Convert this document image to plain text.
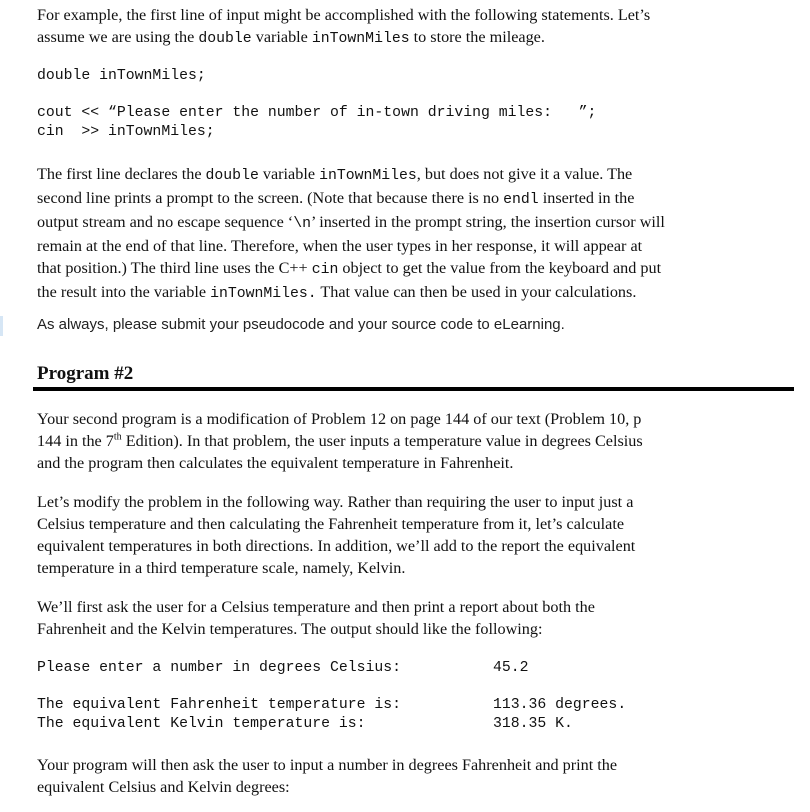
For example, the first line of input might be accomplished with the following statements. Let’s
assume we are using the double variable inTownMiles to store the mileage.

double inTownMiles;
cout << “Please enter the number of in-town driving miles:   ”;
cin  >> inTownMiles;

The first line declares the double variable inTownMiles, but does not give it a value. The
second line prints a prompt to the screen. (Note that because there is no endl inserted in the
output stream and no escape sequence ‘\n’ inserted in the prompt string, the insertion cursor will
remain at the end of that line. Therefore, when the user types in her response, it will appear at
that position.) The third line uses the C++ cin object to get the value from the keyboard and put
the result into the variable inTownMiles. That value can then be used in your calculations.

As always, please submit your pseudocode and your source code to eLearning.
Program #2

Your second program is a modification of Problem 12 on page 144 of our text (Problem 10, p
144 in the 7th Edition). In that problem, the user inputs a temperature value in degrees Celsius
and the program then calculates the equivalent temperature in Fahrenheit.

Let’s modify the problem in the following way. Rather than requiring the user to input just a
Celsius temperature and then calculating the Fahrenheit temperature from it, let’s calculate
equivalent temperatures in both directions. In addition, we’ll add to the report the equivalent
temperature in a third temperature scale, namely, Kelvin.

We’ll first ask the user for a Celsius temperature and then print a report about both the
Fahrenheit and the Kelvin temperatures. The output should like the following:

Please enter a number in degrees Celsius:	45.2
The equivalent Fahrenheit temperature is:	113.36 degrees.
The equivalent Kelvin temperature is:	318.35 K.

Your program will then ask the user to input a number in degrees Fahrenheit and print the
equivalent Celsius and Kelvin degrees:
